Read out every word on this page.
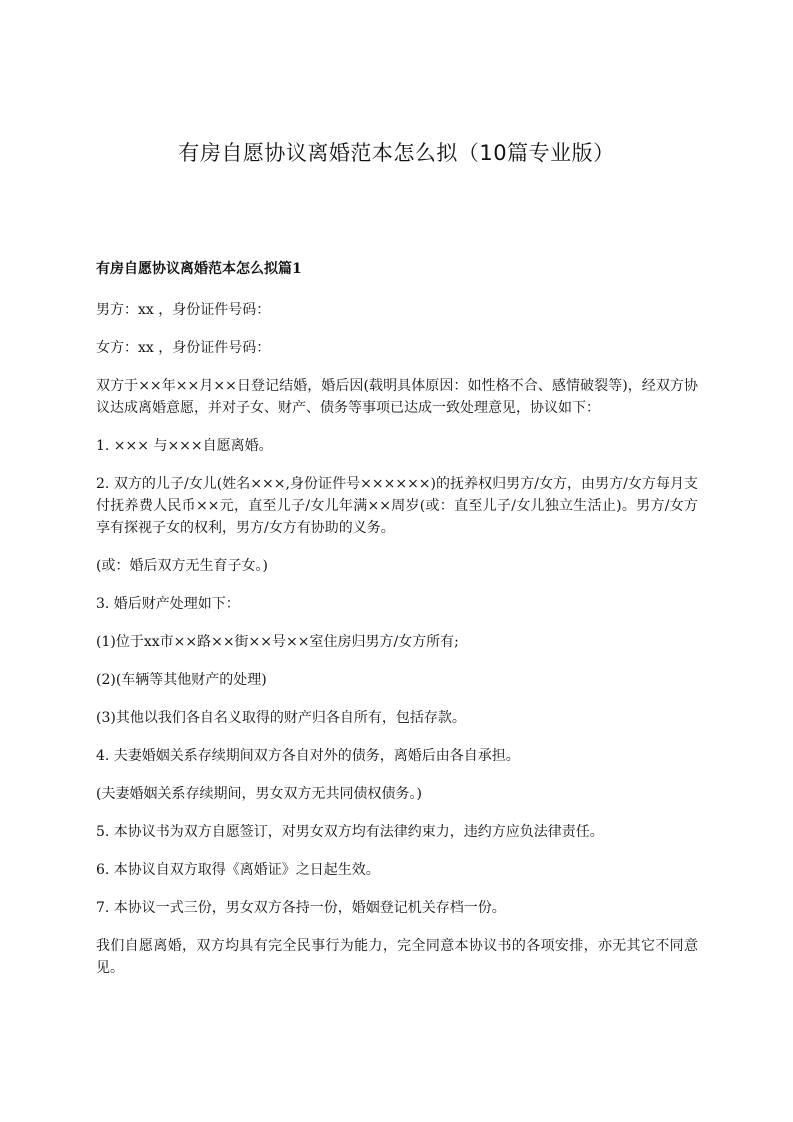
有房自愿协议离婚范本怎么拟（10篇专业版）

有房自愿协议离婚范本怎么拟篇1

男方：xx ，身份证件号码：

女方：xx ，身份证件号码：

双方于××年××月××日登记结婚，婚后因(载明具体原因：如性格不合、感情破裂等)，经双方协议达成离婚意愿，并对子女、财产、债务等事项已达成一致处理意见，协议如下：

1. ××× 与×××自愿离婚。

2. 双方的儿子/女儿(姓名×××,身份证件号××××××)的抚养权归男方/女方，由男方/女方每月支付抚养费人民币××元，直至儿子/女儿年满××周岁(或：直至儿子/女儿独立生活止)。男方/女方享有探视子女的权利，男方/女方有协助的义务。

(或：婚后双方无生育子女。)

3. 婚后财产处理如下：

(1)位于xx市××路××街××号××室住房归男方/女方所有;

(2)(车辆等其他财产的处理)

(3)其他以我们各自名义取得的财产归各自所有，包括存款。

4. 夫妻婚姻关系存续期间双方各自对外的债务，离婚后由各自承担。

(夫妻婚姻关系存续期间，男女双方无共同债权债务。)

5. 本协议书为双方自愿签订，对男女双方均有法律约束力，违约方应负法律责任。

6. 本协议自双方取得《离婚证》之日起生效。

7. 本协议一式三份，男女双方各持一份，婚姻登记机关存档一份。

我们自愿离婚，双方均具有完全民事行为能力，完全同意本协议书的各项安排，亦无其它不同意见。
